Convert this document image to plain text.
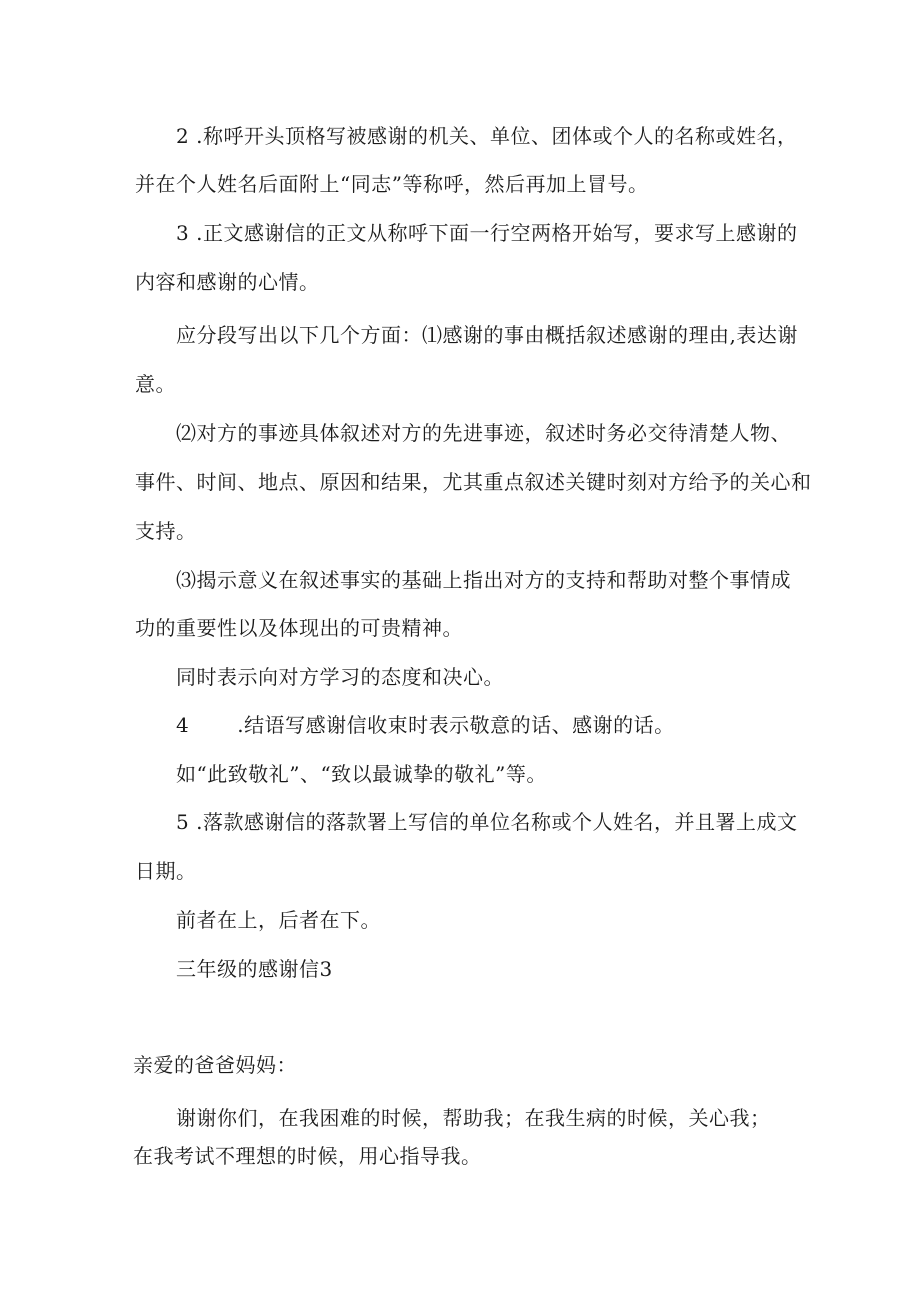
2 .称呼开头顶格写被感谢的机关、单位、团体或个人的名称或姓名，
并在个人姓名后面附上“同志”等称呼，然后再加上冒号。
3 .正文感谢信的正文从称呼下面一行空两格开始写，要求写上感谢的
内容和感谢的心情。
应分段写出以下几个方面：⑴感谢的事由概括叙述感谢的理由,表达谢
意。
⑵对方的事迹具体叙述对方的先进事迹，叙述时务必交待清楚人物、
事件、时间、地点、原因和结果，尤其重点叙述关键时刻对方给予的关心和
支持。
⑶揭示意义在叙述事实的基础上指出对方的支持和帮助对整个事情成
功的重要性以及体现出的可贵精神。
同时表示向对方学习的态度和决心。
4       .结语写感谢信收束时表示敬意的话、感谢的话。
如“此致敬礼”、“致以最诚挚的敬礼”等。
5 .落款感谢信的落款署上写信的单位名称或个人姓名，并且署上成文
日期。
前者在上，后者在下。
三年级的感谢信3
亲爱的爸爸妈妈：
谢谢你们，在我困难的时候，帮助我；在我生病的时候，关心我；
在我考试不理想的时候，用心指导我。
